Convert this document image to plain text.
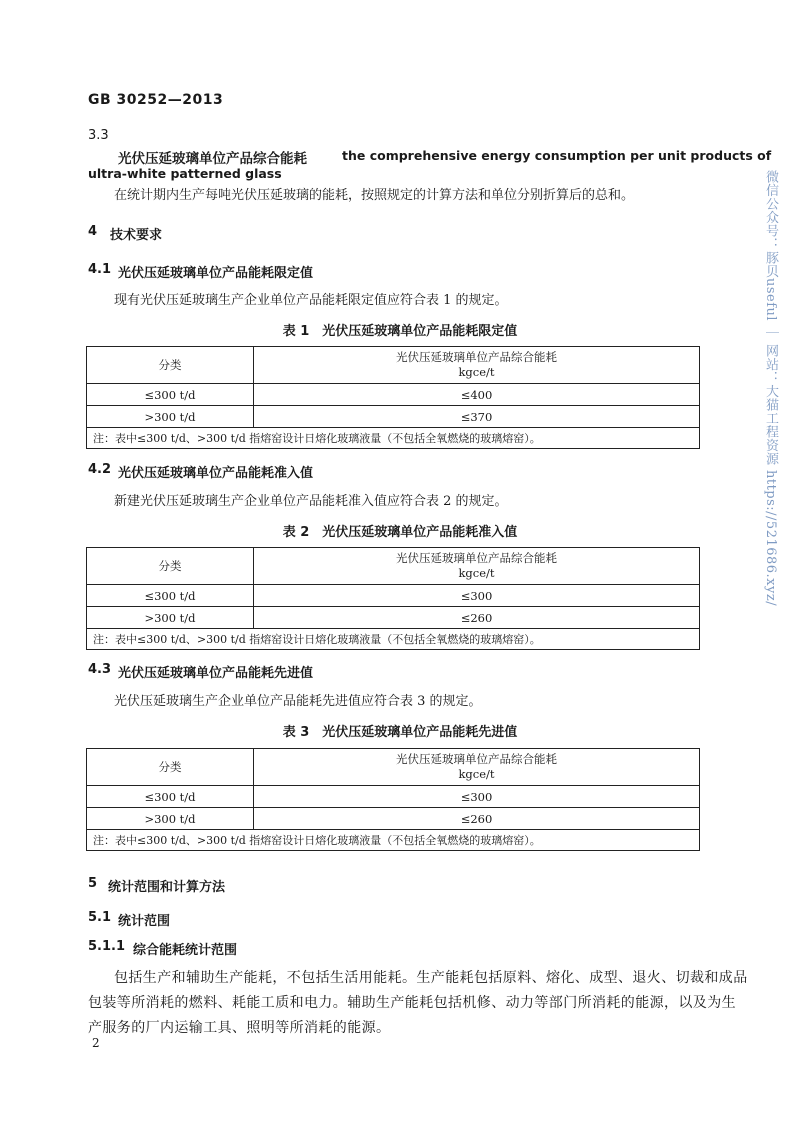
GB 30252—2013
3.3
光伏压延玻璃单位产品综合能耗	the comprehensive energy consumption per unit products of
ultra-white patterned glass
在统计期内生产每吨光伏压延玻璃的能耗，按照规定的计算方法和单位分别折算后的总和。
4 技术要求
4.1 光伏压延玻璃单位产品能耗限定值
现有光伏压延玻璃生产企业单位产品能耗限定值应符合表 1 的规定。
表 1　光伏压延玻璃单位产品能耗限定值
分类	光伏压延玻璃单位产品综合能耗
kgce/t

≤300 t/d	≤400
>300 t/d	≤370
注：表中≤300 t/d、>300 t/d 指熔窑设计日熔化玻璃液量（不包括全氧燃烧的玻璃熔窑）。	
4.2 光伏压延玻璃单位产品能耗准入值
新建光伏压延玻璃生产企业单位产品能耗准入值应符合表 2 的规定。
表 2　光伏压延玻璃单位产品能耗准入值
分类	光伏压延玻璃单位产品综合能耗
kgce/t

≤300 t/d	≤300
>300 t/d	≤260
注：表中≤300 t/d、>300 t/d 指熔窑设计日熔化玻璃液量（不包括全氧燃烧的玻璃熔窑）。	
4.3 光伏压延玻璃单位产品能耗先进值
光伏压延玻璃生产企业单位产品能耗先进值应符合表 3 的规定。
表 3　光伏压延玻璃单位产品能耗先进值
分类	光伏压延玻璃单位产品综合能耗
kgce/t

≤300 t/d	≤300
>300 t/d	≤260
注：表中≤300 t/d、>300 t/d 指熔窑设计日熔化玻璃液量（不包括全氧燃烧的玻璃熔窑）。	
5 统计范围和计算方法
5.1 统计范围
5.1.1 综合能耗统计范围
包括生产和辅助生产能耗，不包括生活用能耗。生产能耗包括原料、熔化、成型、退火、切裁和成品
包装等所消耗的燃料、耗能工质和电力。辅助生产能耗包括机修、动力等部门所消耗的能源，以及为生
产服务的厂内运输工具、照明等所消耗的能源。
2
微信公众号：豚贝useful ｜ 网站：大猫工程资源 https://521686.xyz/
